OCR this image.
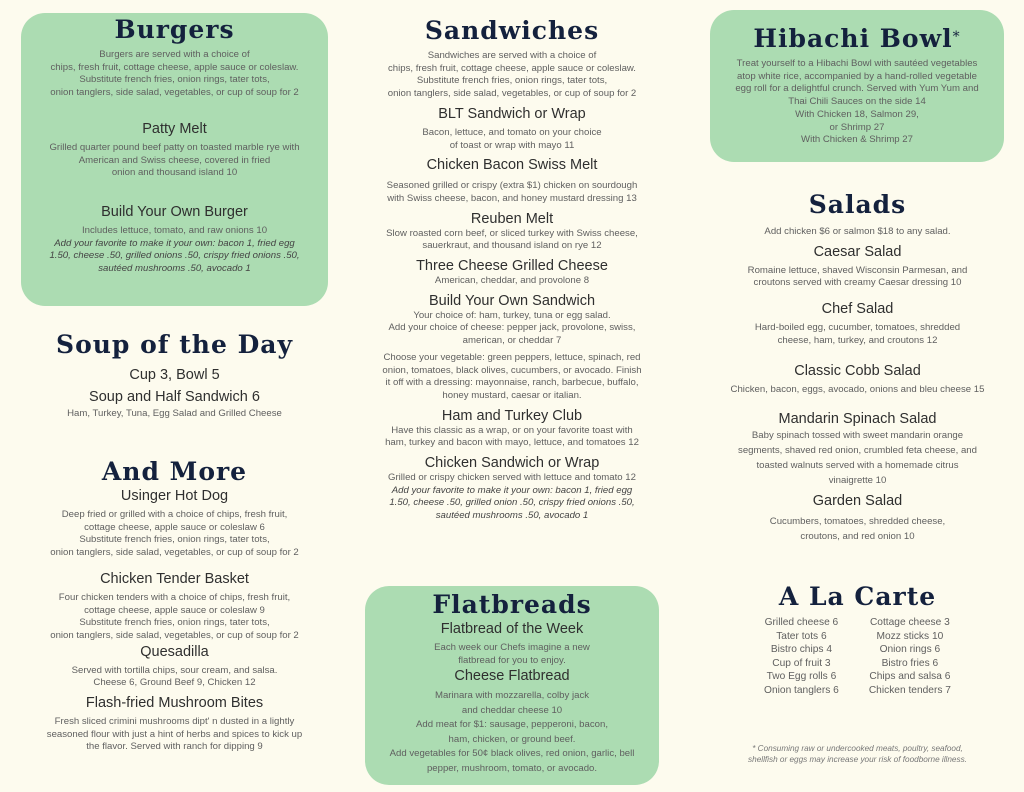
Burgers
Burgers are served with a choice of
chips, fresh fruit, cottage cheese, apple sauce or coleslaw.
Substitute french fries, onion rings, tater tots,
onion tanglers, side salad, vegetables, or cup of soup for 2
Patty Melt
Grilled quarter pound beef patty on toasted marble rye with
American and Swiss cheese, covered in fried
onion and thousand island 10
Build Your Own Burger
Includes lettuce, tomato, and raw onions 10
Add your favorite to make it your own: bacon 1, fried egg
1.50, cheese .50, grilled onions .50, crispy fried onions .50,
sautéed mushrooms .50, avocado 1
Soup of the Day
Cup 3, Bowl 5
Soup and Half Sandwich 6
Ham, Turkey, Tuna, Egg Salad and Grilled Cheese
And More
Usinger Hot Dog
Deep fried or grilled with a choice of chips, fresh fruit,
cottage cheese, apple sauce or coleslaw 6
Substitute french fries, onion rings, tater tots,
onion tanglers, side salad, vegetables, or cup of soup for 2
Chicken Tender Basket
Four chicken tenders with a choice of chips, fresh fruit,
cottage cheese, apple sauce or coleslaw 9
Substitute french fries, onion rings, tater tots,
onion tanglers, side salad, vegetables, or cup of soup for 2
Quesadilla
Served with tortilla chips, sour cream, and salsa.
Cheese 6, Ground Beef 9, Chicken 12
Flash-fried Mushroom Bites
Fresh sliced crimini mushrooms dipt' n dusted in a lightly
seasoned flour with just a hint of herbs and spices to kick up
the flavor. Served with ranch for dipping 9
Sandwiches
Sandwiches are served with a choice of
chips, fresh fruit, cottage cheese, apple sauce or coleslaw.
Substitute french fries, onion rings, tater tots,
onion tanglers, side salad, vegetables, or cup of soup for 2
BLT Sandwich or Wrap
Bacon, lettuce, and tomato on your choice
of toast or wrap with mayo 11
Chicken Bacon Swiss Melt
Seasoned grilled or crispy (extra $1) chicken on sourdough
with Swiss cheese, bacon, and honey mustard dressing 13
Reuben Melt
Slow roasted corn beef, or sliced turkey with Swiss cheese,
sauerkraut, and thousand island on rye 12
Three Cheese Grilled Cheese
American, cheddar, and provolone 8
Build Your Own Sandwich
Your choice of: ham, turkey, tuna or egg salad.
Add your choice of cheese: pepper jack, provolone, swiss,
american, or cheddar 7
Choose your vegetable: green peppers, lettuce, spinach, red
onion, tomatoes, black olives, cucumbers, or avocado. Finish
it off with a dressing: mayonnaise, ranch, barbecue, buffalo,
honey mustard, caesar or italian.
Ham and Turkey Club
Have this classic as a wrap, or on your favorite toast with
ham, turkey and bacon with mayo, lettuce, and tomatoes 12
Chicken Sandwich or Wrap
Grilled or crispy chicken served with lettuce and tomato 12
Add your favorite to make it your own: bacon 1, fried egg
1.50, cheese .50, grilled onion .50, crispy fried onions .50,
sautéed mushrooms .50, avocado 1
Flatbreads
Flatbread of the Week
Each week our Chefs imagine a new
flatbread for you to enjoy.
Cheese Flatbread
Marinara with mozzarella, colby jack
and cheddar cheese 10
Add meat for $1: sausage, pepperoni, bacon,
ham, chicken, or ground beef.
Add vegetables for 50¢ black olives, red onion, garlic, bell
pepper, mushroom, tomato, or avocado.
Hibachi Bowl*
Treat yourself to a Hibachi Bowl with sautéed vegetables
atop white rice, accompanied by a hand-rolled vegetable
egg roll for a delightful crunch. Served with Yum Yum and
Thai Chili Sauces on the side 14
With Chicken 18, Salmon 29,
or Shrimp 27
With Chicken & Shrimp 27
Salads
Add chicken $6 or salmon $18 to any salad.
Caesar Salad
Romaine lettuce, shaved Wisconsin Parmesan, and
croutons served with creamy Caesar dressing 10
Chef Salad
Hard-boiled egg, cucumber, tomatoes, shredded
cheese, ham, turkey, and croutons 12
Classic Cobb Salad
Chicken, bacon, eggs, avocado, onions and bleu cheese 15
Mandarin Spinach Salad
Baby spinach tossed with sweet mandarin orange
segments, shaved red onion, crumbled feta cheese, and
toasted walnuts served with a homemade citrus
vinaigrette 10
Garden Salad
Cucumbers, tomatoes, shredded cheese,
croutons, and red onion 10
A La Carte
Grilled cheese 6
Tater tots 6
Bistro chips 4
Cup of fruit 3
Two Egg rolls 6
Onion tanglers 6
Cottage cheese 3
Mozz sticks 10
Onion rings 6
Bistro fries 6
Chips and salsa 6
Chicken tenders 7
* Consuming raw or undercooked meats, poultry, seafood,
shellfish or eggs may increase your risk of foodborne illness.
